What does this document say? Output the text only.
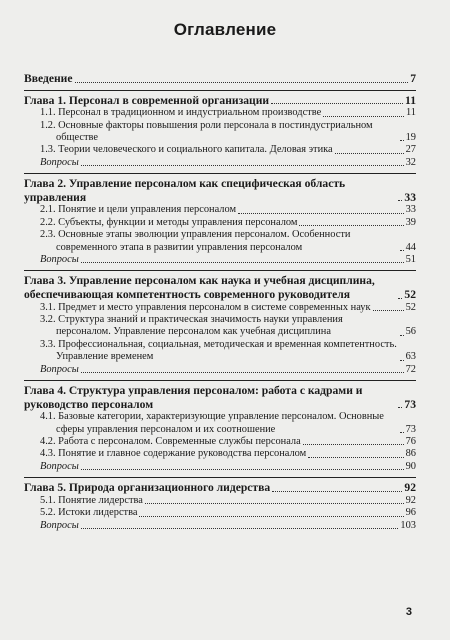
Оглавление
Введение	7
Глава 1. Персонал в современной организации	11
1.1. Персонал в традиционном и индустриальном производстве	11
1.2. Основные факторы повышения роли персонала в постиндустриальном обществе	19
1.3. Теории человеческого и социального капитала. Деловая этика	27
Вопросы	32
Глава 2. Управление персоналом как специфическая область управления	33
2.1. Понятие и цели управления персоналом	33
2.2. Субъекты, функции и методы управления персоналом	39
2.3. Основные этапы эволюции управления персоналом. Особенности современного этапа в развитии управления персоналом	44
Вопросы	51
Глава 3. Управление персоналом как наука и учебная дисциплина, обеспечивающая компетентность современного руководителя	52
3.1. Предмет и место управления персоналом в системе современных наук	52
3.2. Структура знаний и практическая значимость науки управления персоналом. Управление персоналом как учебная дисциплина	56
3.3. Профессиональная, социальная, методическая и временная компетентность. Управление временем	63
Вопросы	72
Глава 4. Структура управления персоналом: работа с кадрами и руководство персоналом	73
4.1. Базовые категории, характеризующие управление персоналом. Основные сферы управления персоналом и их соотношение	73
4.2. Работа с персоналом. Современные службы персонала	76
4.3. Понятие и главное содержание руководства персоналом	86
Вопросы	90
Глава 5. Природа организационного лидерства	92
5.1. Понятие лидерства	92
5.2. Истоки лидерства	96
Вопросы	103
3
